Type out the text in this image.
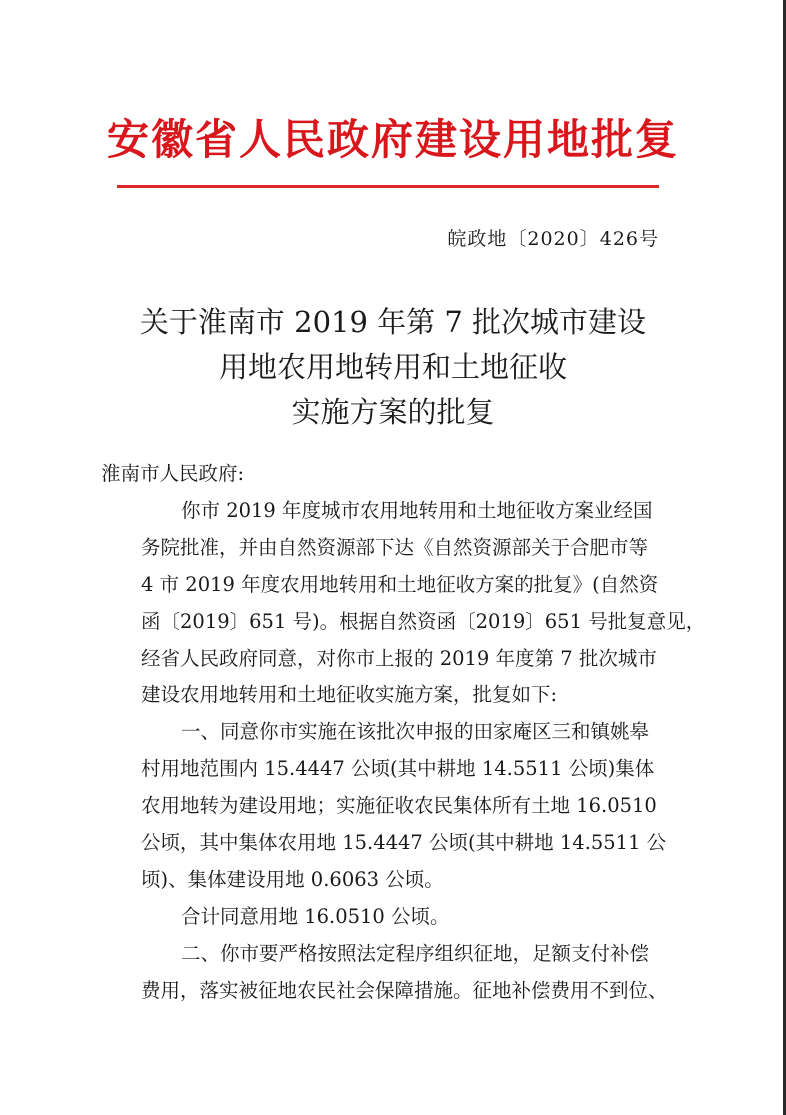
安徽省人民政府建设用地批复
皖政地〔2020〕426号
关于淮南市 2019 年第 7 批次城市建设
用地农用地转用和土地征收
实施方案的批复
淮南市人民政府:
你市 2019 年度城市农用地转用和土地征收方案业经国
务院批准，并由自然资源部下达《自然资源部关于合肥市等
4 市 2019 年度农用地转用和土地征收方案的批复》(自然资
函〔2019〕651 号)。根据自然资函〔2019〕651 号批复意见，
经省人民政府同意，对你市上报的 2019 年度第 7 批次城市
建设农用地转用和土地征收实施方案，批复如下:
一、同意你市实施在该批次申报的田家庵区三和镇姚皋
村用地范围内 15.4447 公顷(其中耕地 14.5511 公顷)集体
农用地转为建设用地；实施征收农民集体所有土地 16.0510
公顷，其中集体农用地 15.4447 公顷(其中耕地 14.5511 公
顷)、集体建设用地 0.6063 公顷。
合计同意用地 16.0510 公顷。
二、你市要严格按照法定程序组织征地，足额支付补偿
费用，落实被征地农民社会保障措施。征地补偿费用不到位、
